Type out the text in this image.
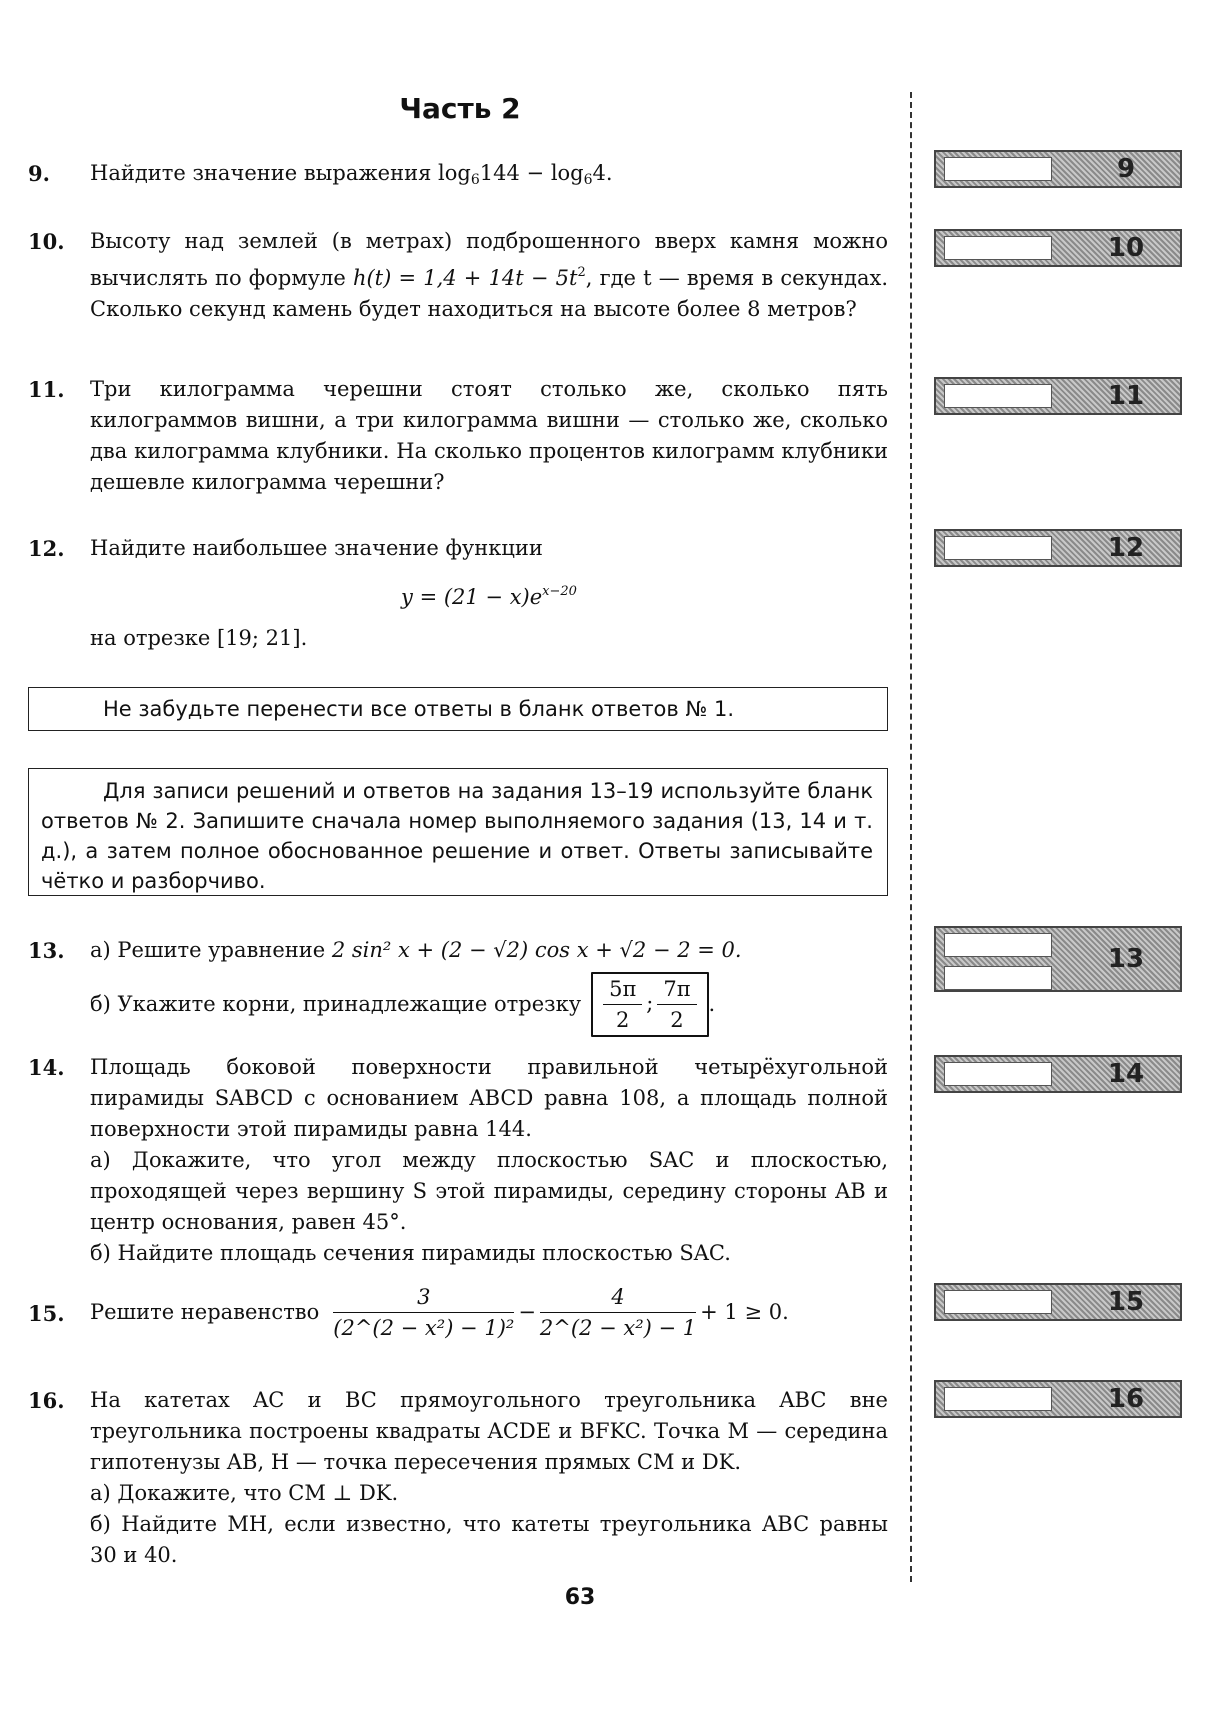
Часть 2
9. Найдите значение выражения $\log_6144 - \log_64$.
10. Высоту над землей (в метрах) подброшенного вверх камня можно вычислять по формуле $h(t) = 1,4 + 14t - 5t^2$, где t — время в секундах. Сколько секунд камень будет находиться на высоте более 8 метров?
11. Три килограмма черешни стоят столько же, сколько пять килограммов вишни, а три килограмма вишни — столько же, сколько два килограмма клубники. На сколько процентов килограмм клубники дешевле килограмма черешни?
12. Найдите наибольшее значение функции
$y = (21 - x)e^{x-20}$
на отрезке [19; 21].
Не забудьте перенести все ответы в бланк ответов № 1.
Для записи решений и ответов на задания 13–19 используйте бланк ответов № 2. Запишите сначала номер выполняемого задания (13, 14 и т. д.), а затем полное обоснованное решение и ответ. Ответы записывайте чётко и разборчиво.
13. а) Решите уравнение 2 sin² x + (2 − √2) cos x + √2 − 2 = 0.
б) Укажите корни, принадлежащие отрезку $\frac{5\pi}{2}$ ; $\frac{7\pi}{2}$ .
14. Площадь боковой поверхности правильной четырёхугольной пирамиды SABCD с основанием ABCD равна 108, а площадь полной поверхности этой пирамиды равна 144.
а) Докажите, что угол между плоскостью SAC и плоскостью, проходящей через вершину S этой пирамиды, середину стороны AB и центр основания, равен 45°.
б) Найдите площадь сечения пирамиды плоскостью SAC.
15. Решите неравенство $\frac{3}{\text{(2\textasciicircum{}(2 − x²) − 1)²}} - \frac{4}{\text{2\textasciicircum{}(2 − x²) − 1}} + 1 \ge 0$.
16. На катетах AC и BC прямоугольного треугольника ABC вне треугольника построены квадраты ACDE и BFKC. Точка M — середина гипотенузы AB, H — точка пересечения прямых CM и DK.
а) Докажите, что CM ⊥ DK.
б) Найдите MH, если известно, что катеты треугольника ABC равны 30 и 40.
9
10
11
12
13
14
15
16
63
